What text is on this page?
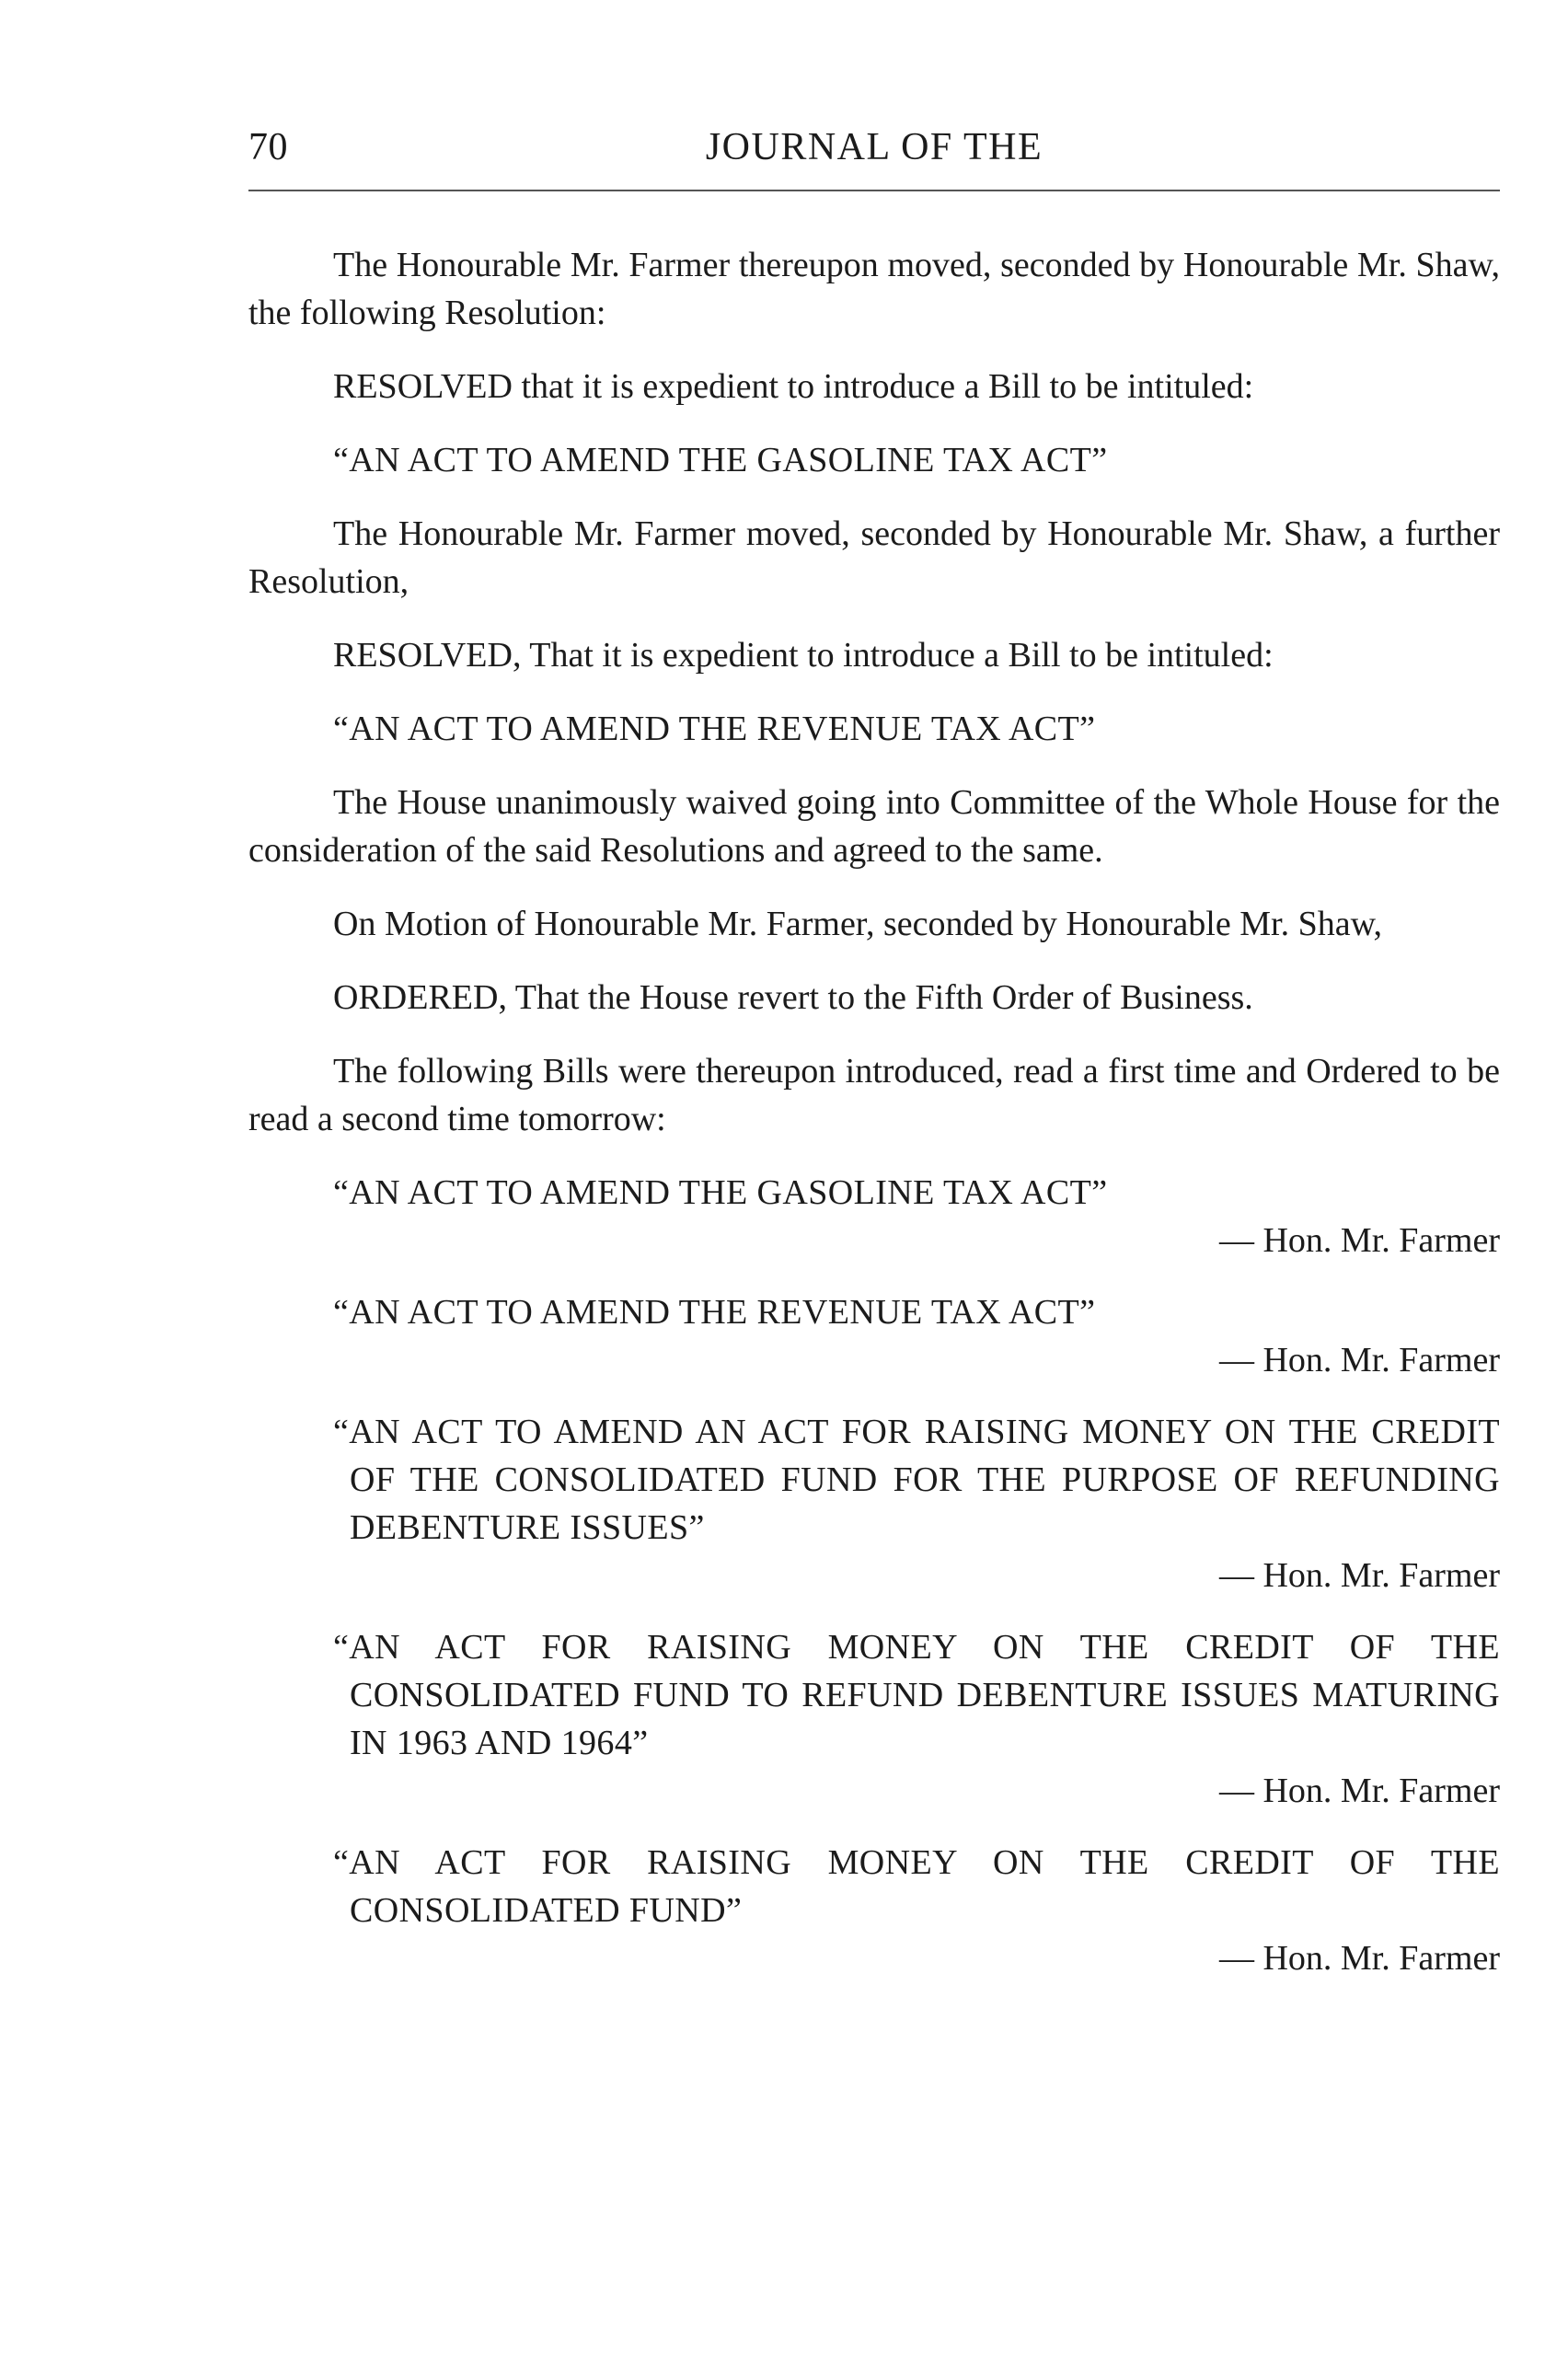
70	JOURNAL OF THE

The Honourable Mr. Farmer thereupon moved, seconded by Honourable Mr. Shaw, the following Resolution:

RESOLVED that it is expedient to introduce a Bill to be intituled:

“AN ACT TO AMEND THE GASOLINE TAX ACT”

The Honourable Mr. Farmer moved, seconded by Honourable Mr. Shaw, a further Resolution,

RESOLVED, That it is expedient to introduce a Bill to be intituled:

“AN ACT TO AMEND THE REVENUE TAX ACT”

The House unanimously waived going into Committee of the Whole House for the consideration of the said Resolutions and agreed to the same.

On Motion of Honourable Mr. Farmer, seconded by Honourable Mr. Shaw,

ORDERED, That the House revert to the Fifth Order of Business.

The following Bills were thereupon introduced, read a first time and Ordered to be read a second time tomorrow:

“AN ACT TO AMEND THE GASOLINE TAX ACT”
— Hon. Mr. Farmer
“AN ACT TO AMEND THE REVENUE TAX ACT”
— Hon. Mr. Farmer
“AN ACT TO AMEND AN ACT FOR RAISING MONEY ON THE CREDIT OF THE CONSOLIDATED FUND FOR THE PURPOSE OF REFUNDING DEBENTURE ISSUES”
— Hon. Mr. Farmer
“AN ACT FOR RAISING MONEY ON THE CREDIT OF THE CONSOLIDATED FUND TO REFUND DEBENTURE ISSUES MATURING IN 1963 AND 1964”
— Hon. Mr. Farmer
“AN ACT FOR RAISING MONEY ON THE CREDIT OF THE CONSOLIDATED FUND”
— Hon. Mr. Farmer
